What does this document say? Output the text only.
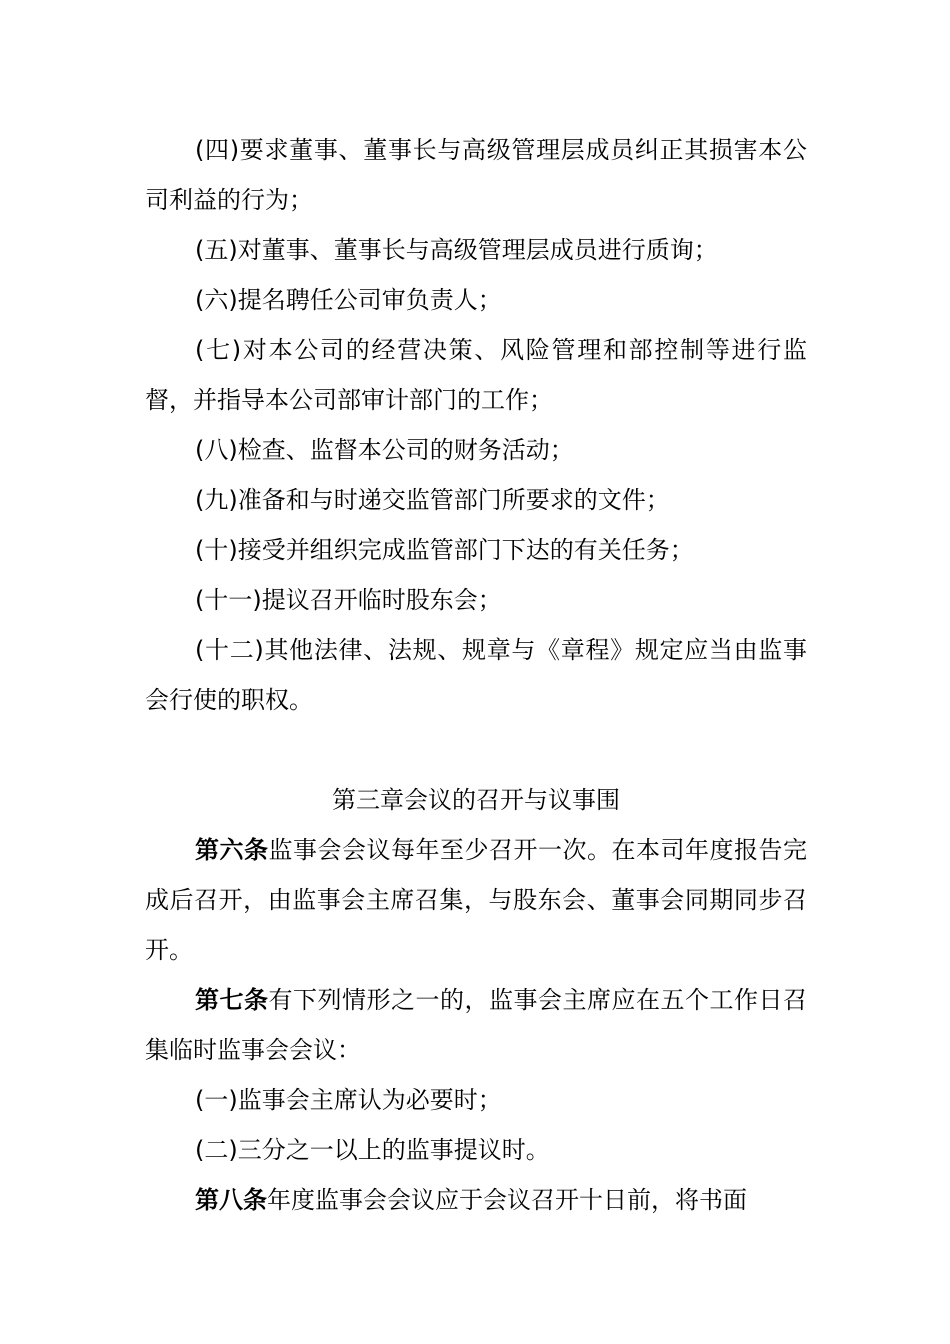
(四)要求董事、董事长与高级管理层成员纠正其损害本公司利益的行为；

(五)对董事、董事长与高级管理层成员进行质询；

(六)提名聘任公司审负责人；

(七)对本公司的经营决策、风险管理和部控制等进行监督，并指导本公司部审计部门的工作；

(八)检查、监督本公司的财务活动；

(九)准备和与时递交监管部门所要求的文件；

(十)接受并组织完成监管部门下达的有关任务；

(十一)提议召开临时股东会；

(十二)其他法律、法规、规章与《章程》规定应当由监事会行使的职权。

第三章会议的召开与议事围

第六条监事会会议每年至少召开一次。在本司年度报告完成后召开，由监事会主席召集，与股东会、董事会同期同步召开。

第七条有下列情形之一的，监事会主席应在五个工作日召集临时监事会会议：

(一)监事会主席认为必要时；

(二)三分之一以上的监事提议时。

第八条年度监事会会议应于会议召开十日前，将书面
